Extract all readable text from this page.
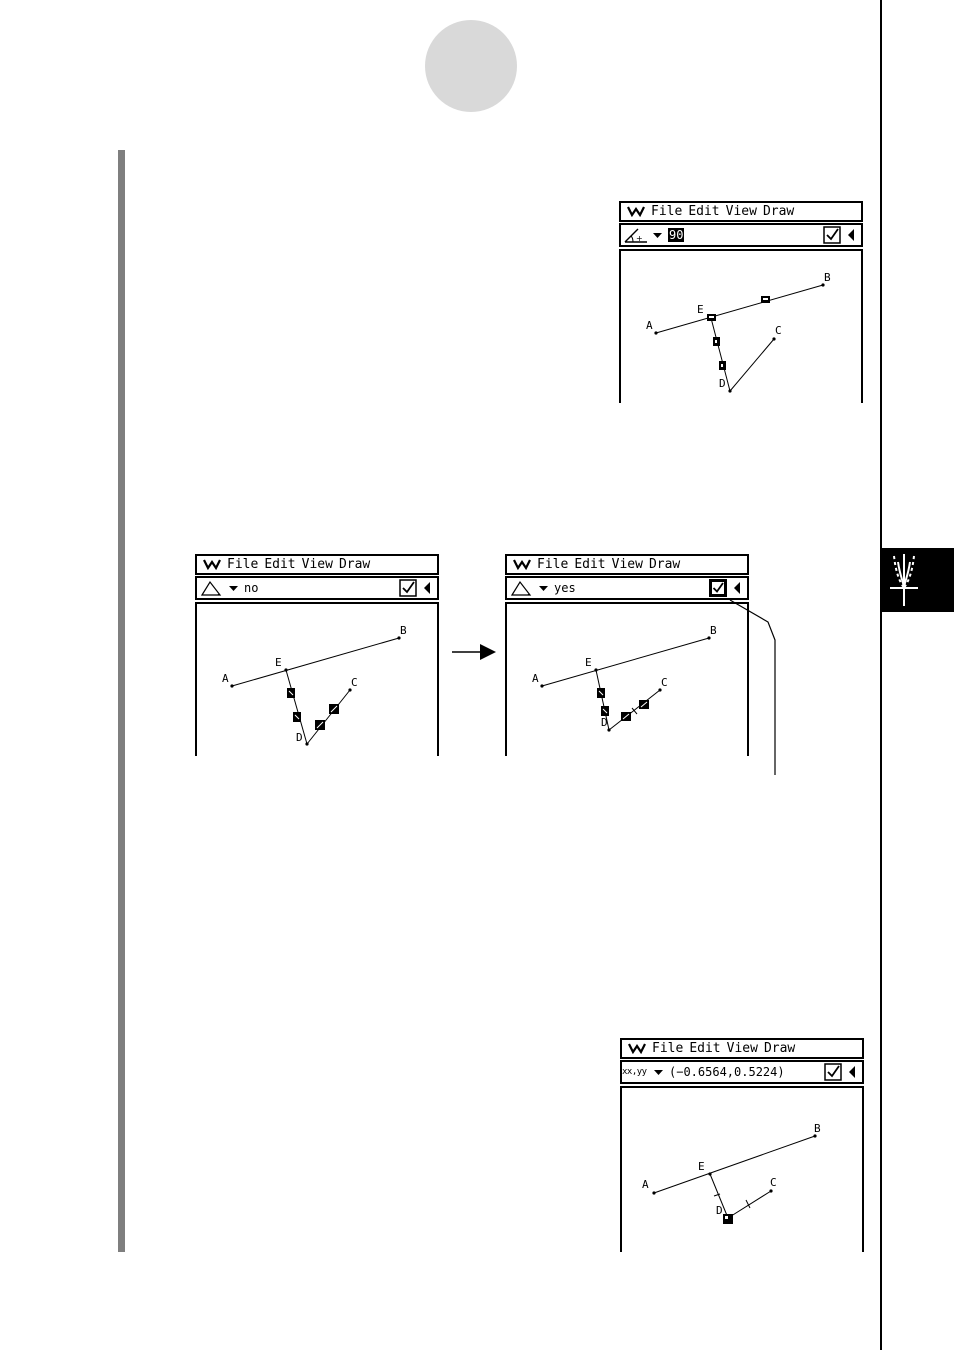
File Edit View Draw
+ 90
A
B
C
D
E
File Edit View Draw
. no
A
B
C
D
E
File Edit View Draw
. yes
A
B
C
D
E
File Edit View Draw
xx,yy	(−0.6564,0.5224)
A
B
C
D
E
